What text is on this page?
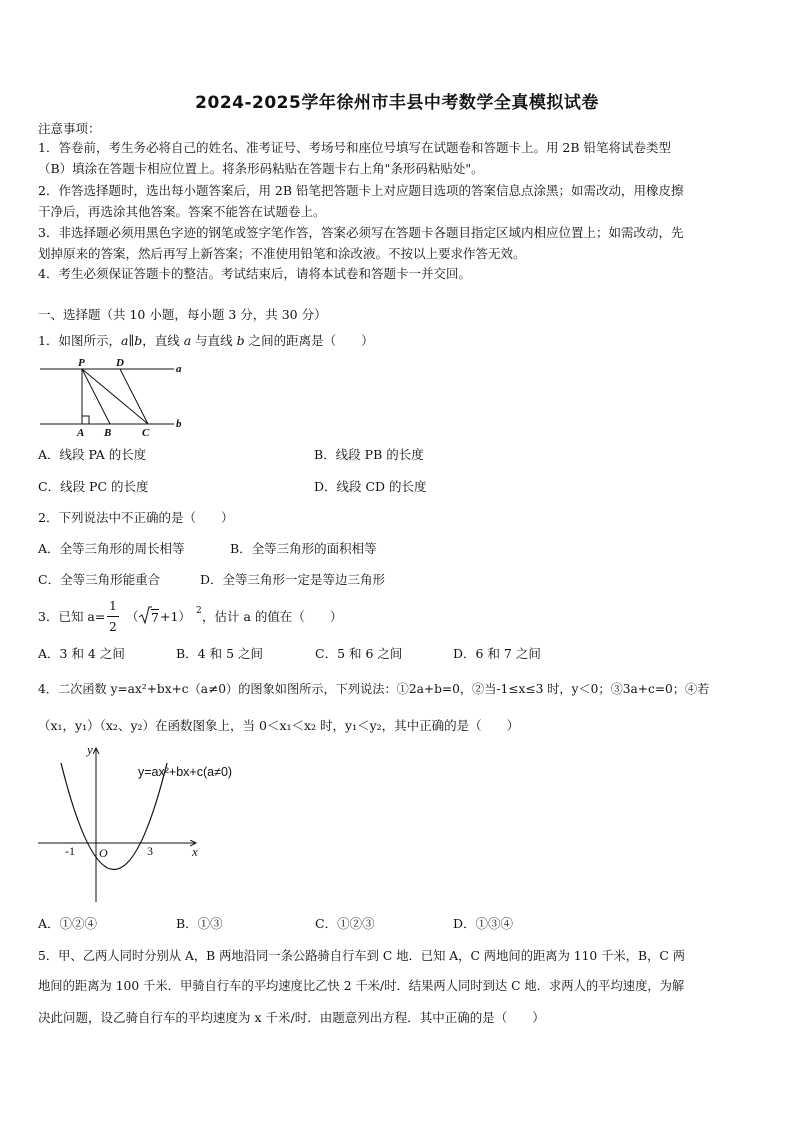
2024-2025学年徐州市丰县中考数学全真模拟试卷
注意事项：
1．答卷前，考生务必将自己的姓名、准考证号、考场号和座位号填写在试题卷和答题卡上。用 2B 铅笔将试卷类型
（B）填涂在答题卡相应位置上。将条形码粘贴在答题卡右上角"条形码粘贴处"。
2．作答选择题时，选出每小题答案后，用 2B 铅笔把答题卡上对应题目选项的答案信息点涂黑；如需改动，用橡皮擦
干净后，再选涂其他答案。答案不能答在试题卷上。
3．非选择题必须用黑色字迹的钢笔或签字笔作答，答案必须写在答题卡各题目指定区域内相应位置上；如需改动，先
划掉原来的答案，然后再写上新答案；不准使用铅笔和涂改液。不按以上要求作答无效。
4．考生必须保证答题卡的整洁。考试结束后，请将本试卷和答题卡一并交回。
一、选择题（共 10 小题，每小题 3 分，共 30 分）
1．如图所示，a∥b，直线 a 与直线 b 之间的距离是（　　）
P	D	a
b
A B	C
A．线段 PA 的长度	B．线段 PB 的长度
C．线段 PC 的长度	D．线段 CD 的长度
2．下列说法中不正确的是（　　）
A．全等三角形的周长相等	B．全等三角形的面积相等
C．全等三角形能重合	D．全等三角形一定是等边三角形
3．已知 a=
1
2
（ 7 +1） 2 ，估计 a 的值在（　　）
A．3 和 4 之间	B．4 和 5 之间	C．5 和 6 之间	D．6 和 7 之间
4．二次函数 y=ax²+bx+c（a≠0）的图象如图所示，下列说法：①2a+b=0，②当-1≤x≤3 时，y＜0；③3a+c=0；④若
（x₁，y₁）（x₂、y₂）在函数图象上，当 0＜x₁＜x₂ 时，y₁＜y₂，其中正确的是（　　）
y
x
O
-1	3
y=ax²+bx+c(a≠0)
A．①②④	B．①③	C．①②③	D．①③④
5．甲、乙两人同时分别从 A，B 两地沿同一条公路骑自行车到 C 地．已知 A，C 两地间的距离为 110 千米，B，C 两
地间的距离为 100 千米．甲骑自行车的平均速度比乙快 2 千米/时．结果两人同时到达 C 地．求两人的平均速度，为解
决此问题，设乙骑自行车的平均速度为 x 千米/时．由题意列出方程．其中正确的是（　　）
